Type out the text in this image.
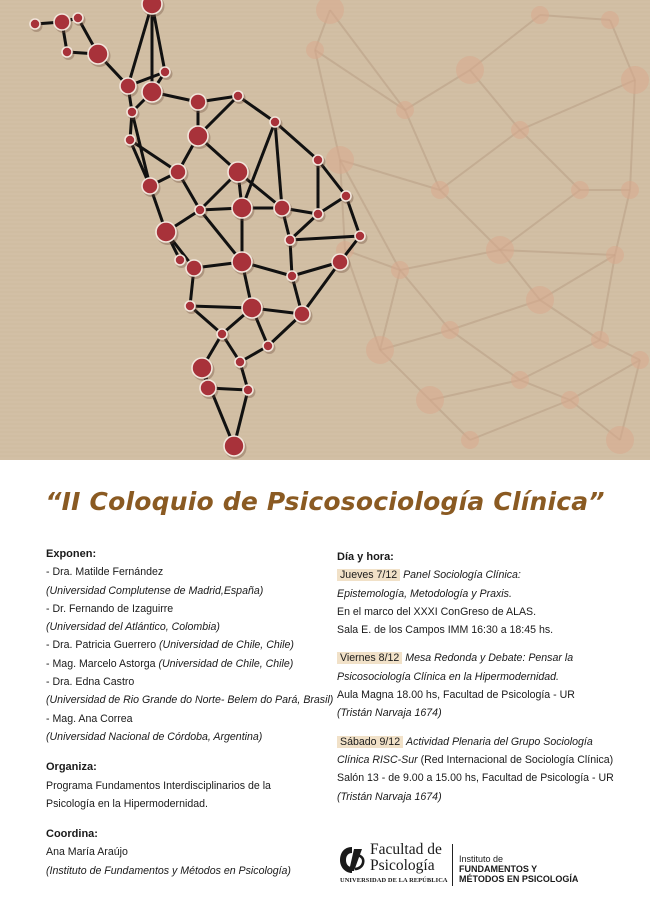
“II Coloquio de Psicosociología Clínica”
Exponen:
- Dra. Matilde Fernández
(Universidad Complutense de Madrid,España)
- Dr. Fernando de Izaguirre
(Universidad del Atlántico, Colombia)
- Dra. Patricia Guerrero (Universidad de Chile, Chile)
- Mag. Marcelo Astorga (Universidad de Chile, Chile)
- Dra. Edna Castro
(Universidad de Rio Grande do Norte- Belem do Pará, Brasil)
- Mag. Ana Correa
(Universidad Nacional de Córdoba, Argentina)
Organiza:
Programa Fundamentos Interdisciplinarios de la
Psicología en la Hipermodernidad.
Coordina:
Ana María Araújo
(Instituto de Fundamentos y Métodos en Psicología)
Día y hora:
Jueves 7/12 Panel Sociología Clínica:
Epistemología, Metodología y Praxis.
En el marco del XXXI ConGreso de ALAS.
Sala E. de los Campos IMM 16:30 a 18:45 hs.
Viernes 8/12 Mesa Redonda y Debate: Pensar la
Psicosociología Clínica en la Hipermodernidad.
Aula Magna 18.00 hs, Facultad de Psicología - UR
(Tristán Narvaja 1674)
Sábado 9/12 Actividad Plenaria del Grupo Sociología
Clínica RISC-Sur (Red Internacional de Sociología Clínica)
Salón 13 - de 9.00 a 15.00 hs, Facultad de Psicología - UR
(Tristán Narvaja 1674)
Facultad de
Psicología
UNIVERSIDAD DE LA REPÚBLICA
Instituto de
FUNDAMENTOS Y
MÉTODOS EN PSICOLOGÍA
